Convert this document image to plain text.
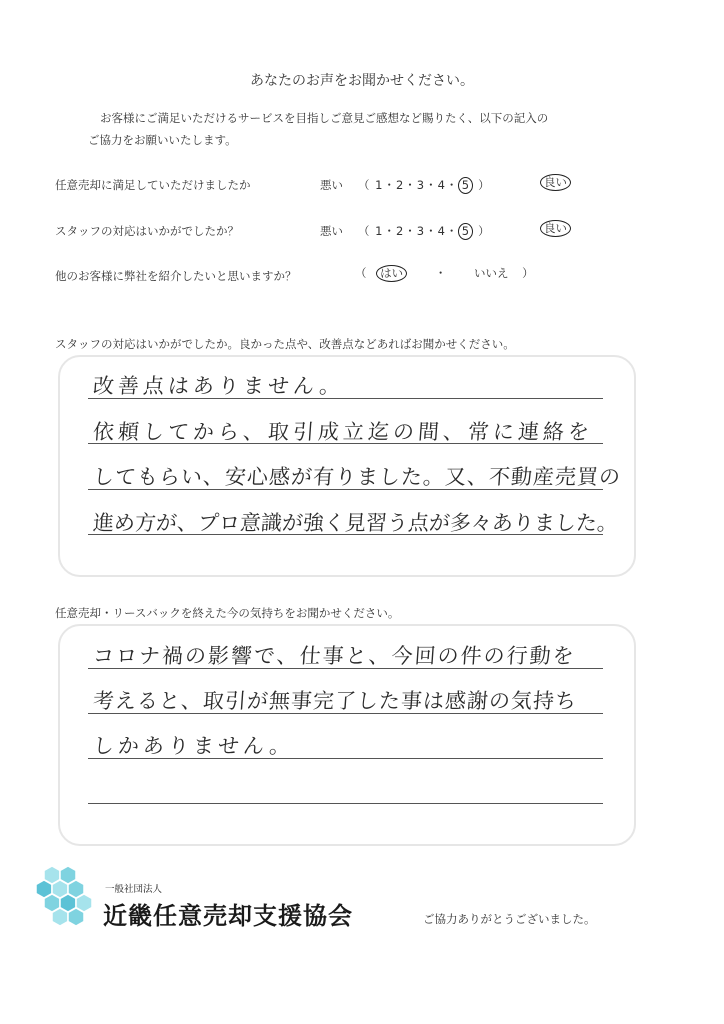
あなたのお声をお聞かせください。
お客様にご満足いただけるサービスを目指しご意見ご感想など賜りたく、以下の記入の
ご協力をお願いいたします。
任意売却に満足していただけましたか	悪い （ 1・2・3・4・ 5 ）	良い
スタッフの対応はいかがでしたか？	悪い （ 1・2・3・4・ 5 ）	良い
他のお客様に弊社を紹介したいと思いますか？	（ はい	・ いいえ ）
スタッフの対応はいかがでしたか。良かった点や、改善点などあればお聞かせください。
改善点はありません。
依頼してから、取引成立迄の間、常に連絡を
してもらい、安心感が有りました。又、不動産売買の
進め方が、プロ意識が強く見習う点が多々ありました。
任意売却・リースバックを終えた今の気持ちをお聞かせください。
コロナ禍の影響で、仕事と、今回の件の行動を
考えると、取引が無事完了した事は感謝の気持ち
しかありません。
一般社団法人
近畿任意売却支援協会	ご協力ありがとうございました。
